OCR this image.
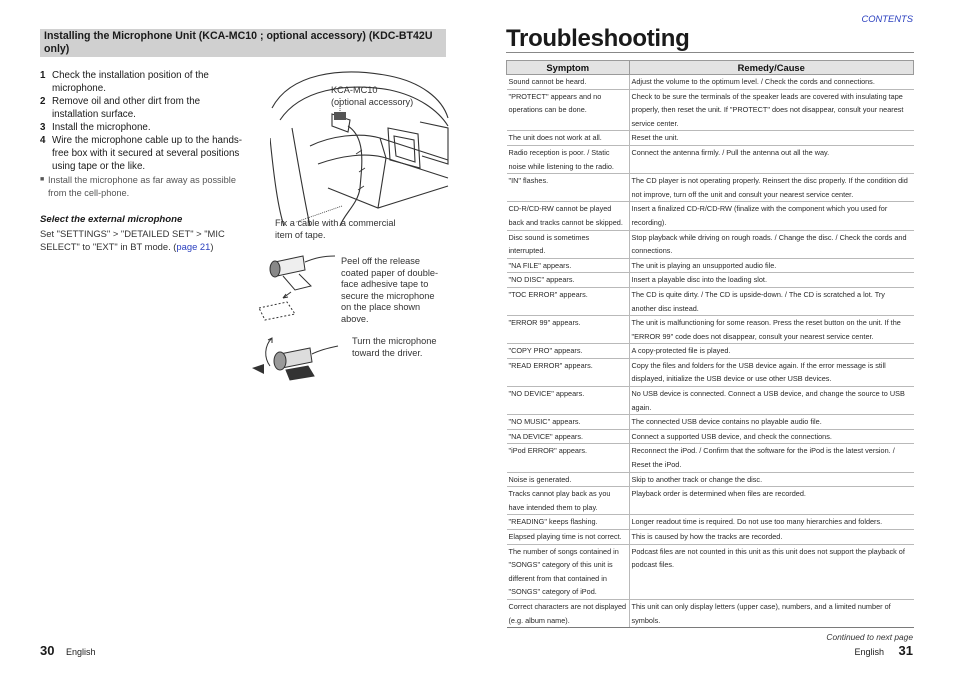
Installing the Microphone Unit (KCA-MC10 ; optional accessory) (KDC-BT42U only)
1 Check the installation position of the microphone.
2 Remove oil and other dirt from the installation surface.
3 Install the microphone.
4 Wire the microphone cable up to the hands-free box with it secured at several positions using tape or the like.
■ Install the microphone as far away as possible from the cell-phone.
Select the external microphone
Set "SETTINGS" > "DETAILED SET" > "MIC SELECT" to "EXT" in BT mode. (page 21)
KCA-MC10
(optional accessory)
Fix a cable with a commercial item of tape.
Peel off the release coated paper of double-face adhesive tape to secure the microphone on the place shown above.
Turn the microphone toward the driver.
30 English
CONTENTS
Troubleshooting
Symptom	Remedy/Cause
Sound cannot be heard.	Adjust the volume to the optimum level. / Check the cords and connections.
"PROTECT" appears and no operations can be done.	Check to be sure the terminals of the speaker leads are covered with insulating tape properly, then reset the unit. If "PROTECT" does not disappear, consult your nearest service center.
The unit does not work at all.	Reset the unit.
Radio reception is poor. / Static noise while listening to the radio.	Connect the antenna firmly. / Pull the antenna out all the way.
"IN" flashes.	The CD player is not operating properly. Reinsert the disc properly. If the condition did not improve, turn off the unit and consult your nearest service center.
CD-R/CD-RW cannot be played back and tracks cannot be skipped.	Insert a finalized CD-R/CD-RW (finalize with the component which you used for recording).
Disc sound is sometimes interrupted.	Stop playback while driving on rough roads. / Change the disc. / Check the cords and connections.
"NA FILE" appears.	The unit is playing an unsupported audio file.
"NO DISC" appears.	Insert a playable disc into the loading slot.
"TOC ERROR" appears.	The CD is quite dirty. / The CD is upside-down. / The CD is scratched a lot. Try another disc instead.
"ERROR 99" appears.	The unit is malfunctioning for some reason. Press the reset button on the unit. If the "ERROR 99" code does not disappear, consult your nearest service center.
"COPY PRO" appears.	A copy-protected file is played.
"READ ERROR" appears.	Copy the files and folders for the USB device again. If the error message is still displayed, initialize the USB device or use other USB devices.
"NO DEVICE" appears.	No USB device is connected. Connect a USB device, and change the source to USB again.
"NO MUSIC" appears.	The connected USB device contains no playable audio file.
"NA DEVICE" appears.	Connect a supported USB device, and check the connections.
"iPod ERROR" appears.	Reconnect the iPod. / Confirm that the software for the iPod is the latest version. / Reset the iPod.
Noise is generated.	Skip to another track or change the disc.
Tracks cannot play back as you have intended them to play.	Playback order is determined when files are recorded.
"READING" keeps flashing.	Longer readout time is required. Do not use too many hierarchies and folders.
Elapsed playing time is not correct.	This is caused by how the tracks are recorded.
The number of songs contained in "SONGS" category of this unit is different from that contained in "SONGS" category of iPod.	Podcast files are not counted in this unit as this unit does not support the playback of podcast files.
Correct characters are not displayed (e.g. album name).	This unit can only display letters (upper case), numbers, and a limited number of symbols.
Continued to next page
English 31
